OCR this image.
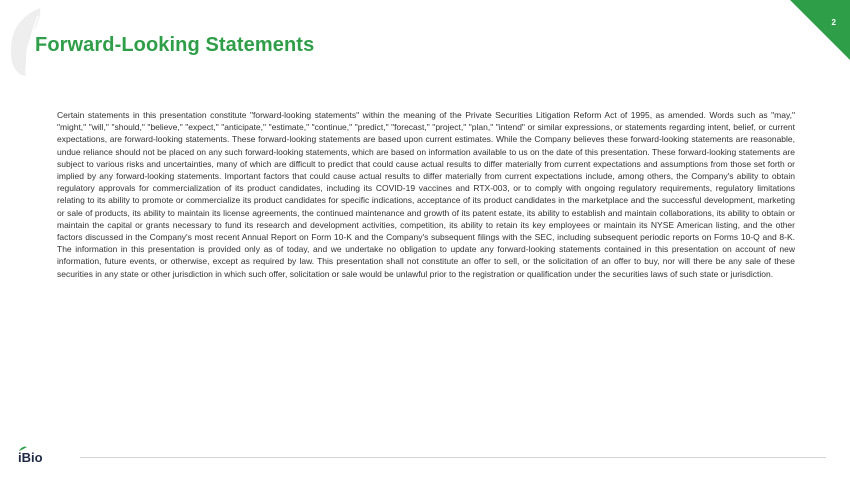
Forward-Looking Statements
2

Certain statements in this presentation constitute "forward-looking statements" within the meaning of the Private Securities Litigation Reform Act of 1995, as amended. Words such as "may," "might," "will," "should," "believe," "expect," "anticipate," "estimate," "continue," "predict," "forecast," "project," "plan," "intend" or similar expressions, or statements regarding intent, belief, or current expectations, are forward-looking statements. These forward-looking statements are based upon current estimates. While the Company believes these forward-looking statements are reasonable, undue reliance should not be placed on any such forward-looking statements, which are based on information available to us on the date of this presentation. These forward-looking statements are subject to various risks and uncertainties, many of which are difficult to predict that could cause actual results to differ materially from current expectations and assumptions from those set forth or implied by any forward-looking statements. Important factors that could cause actual results to differ materially from current expectations include, among others, the Company's ability to obtain regulatory approvals for commercialization of its product candidates, including its COVID-19 vaccines and RTX-003, or to comply with ongoing regulatory requirements, regulatory limitations relating to its ability to promote or commercialize its product candidates for specific indications, acceptance of its product candidates in the marketplace and the successful development, marketing or sale of products, its ability to maintain its license agreements, the continued maintenance and growth of its patent estate, its ability to establish and maintain collaborations, its ability to obtain or maintain the capital or grants necessary to fund its research and development activities, competition, its ability to retain its key employees or maintain its NYSE American listing, and the other factors discussed in the Company's most recent Annual Report on Form 10-K and the Company's subsequent filings with the SEC, including subsequent periodic reports on Forms 10-Q and 8-K. The information in this presentation is provided only as of today, and we undertake no obligation to update any forward-looking statements contained in this presentation on account of new information, future events, or otherwise, except as required by law. This presentation shall not constitute an offer to sell, or the solicitation of an offer to buy, nor will there be any sale of these securities in any state or other jurisdiction in which such offer, solicitation or sale would be unlawful prior to the registration or qualification under the securities laws of such state or jurisdiction.

iBio
